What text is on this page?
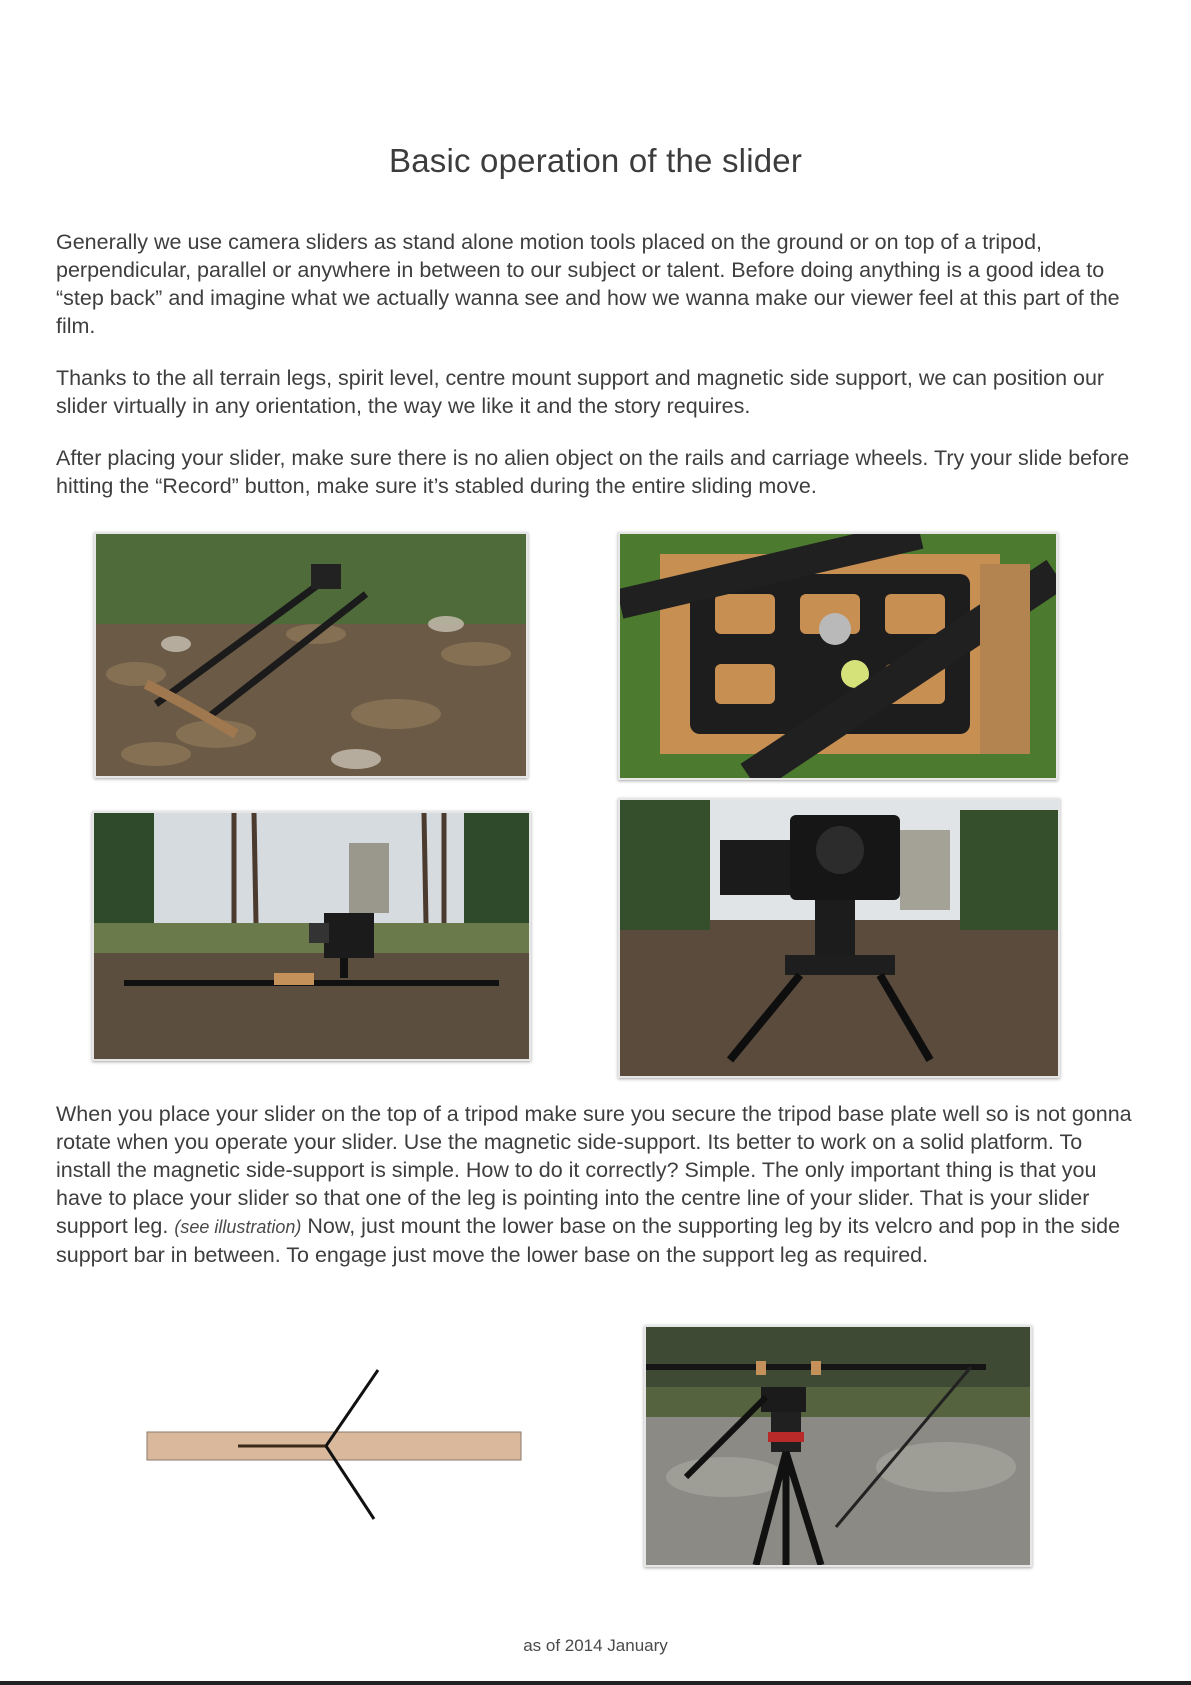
Basic operation of the slider

Generally we use camera sliders as stand alone motion tools placed on the ground or on top of a tripod, perpendicular, parallel or anywhere in between to our subject or talent. Before doing anything is a good idea to “step back” and imagine what we actually wanna see and how we wanna make our viewer feel at this part of the film.

Thanks to the all terrain legs, spirit level, centre mount support and magnetic side support, we can position our slider virtually in any orientation, the way we like it and the story requires.

After placing your slider, make sure there is no alien object on the rails and carriage wheels. Try your slide before hitting the “Record” button, make sure it’s stabled during the entire sliding move.

When you place your slider on the top of a tripod make sure you secure the tripod base plate well so is not gonna rotate when you operate your slider. Use the magnetic side-support. Its better to work on a solid platform. To install the magnetic side-support is simple. How to do it correctly? Simple. The only important thing is that you have to place your slider so that one of the leg is pointing into the centre line of your slider. That is your slider support leg. (see illustration) Now, just mount the lower base on the supporting leg by its velcro and pop in the side support bar in between. To engage just move the lower base on the support leg as required.

as of 2014 January
